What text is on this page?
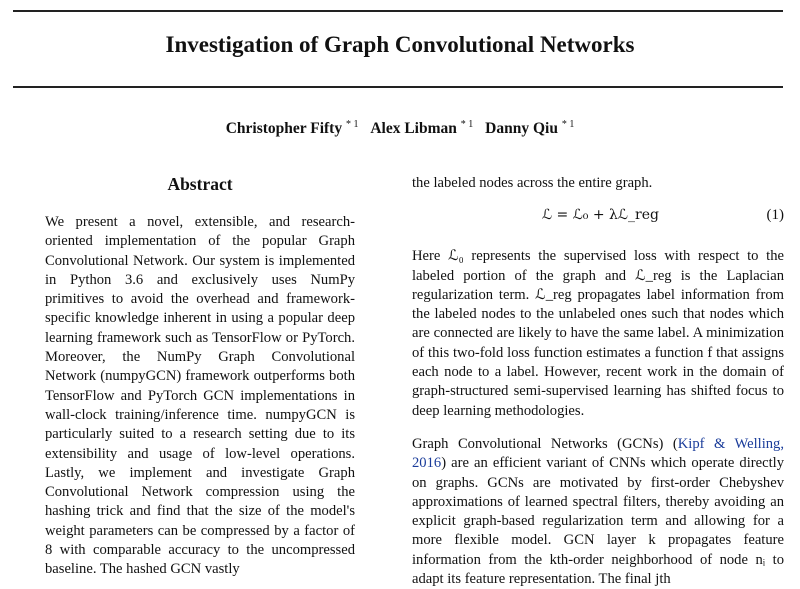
Investigation of Graph Convolutional Networks
Christopher Fifty $^{* 1}$ Alex Libman $^{* 1}$ Danny Qiu $^{* 1}$
Abstract

We present a novel, extensible, and research-oriented implementation of the popular Graph Convolutional Network. Our system is implemented in Python 3.6 and exclusively uses NumPy primitives to avoid the overhead and framework-specific knowledge inherent in using a popular deep learning framework such as TensorFlow or PyTorch. Moreover, the NumPy Graph Convolutional Network (numpyGCN) framework outperforms both TensorFlow and PyTorch GCN implementations in wall-clock training/inference time. numpyGCN is particularly suited to a research setting due to its extensibility and usage of low-level operations. Lastly, we implement and investigate Graph Convolutional Network compression using the hashing trick and find that the size of the model's weight parameters can be compressed by a factor of 8 with comparable accuracy to the uncompressed baseline. The hashed GCN vastly

the labeled nodes across the entire graph.

ℒ = ℒ₀ + λℒ_reg	(1)

Here ℒ₀ represents the supervised loss with respect to the labeled portion of the graph and ℒ_reg is the Laplacian regularization term. ℒ_reg propagates label information from the labeled nodes to the unlabeled ones such that nodes which are connected are likely to have the same label. A minimization of this two-fold loss function estimates a function f that assigns each node to a label. However, recent work in the domain of graph-structured semi-supervised learning has shifted focus to deep learning methodologies.

Graph Convolutional Networks (GCNs) (Kipf & Welling, 2016) are an efficient variant of CNNs which operate directly on graphs. GCNs are motivated by first-order Chebyshev approximations of learned spectral filters, thereby avoiding an explicit graph-based regularization term and allowing for a more flexible model. GCN layer k propagates feature information from the kth-order neighborhood of node nᵢ to adapt its feature representation. The final jth
